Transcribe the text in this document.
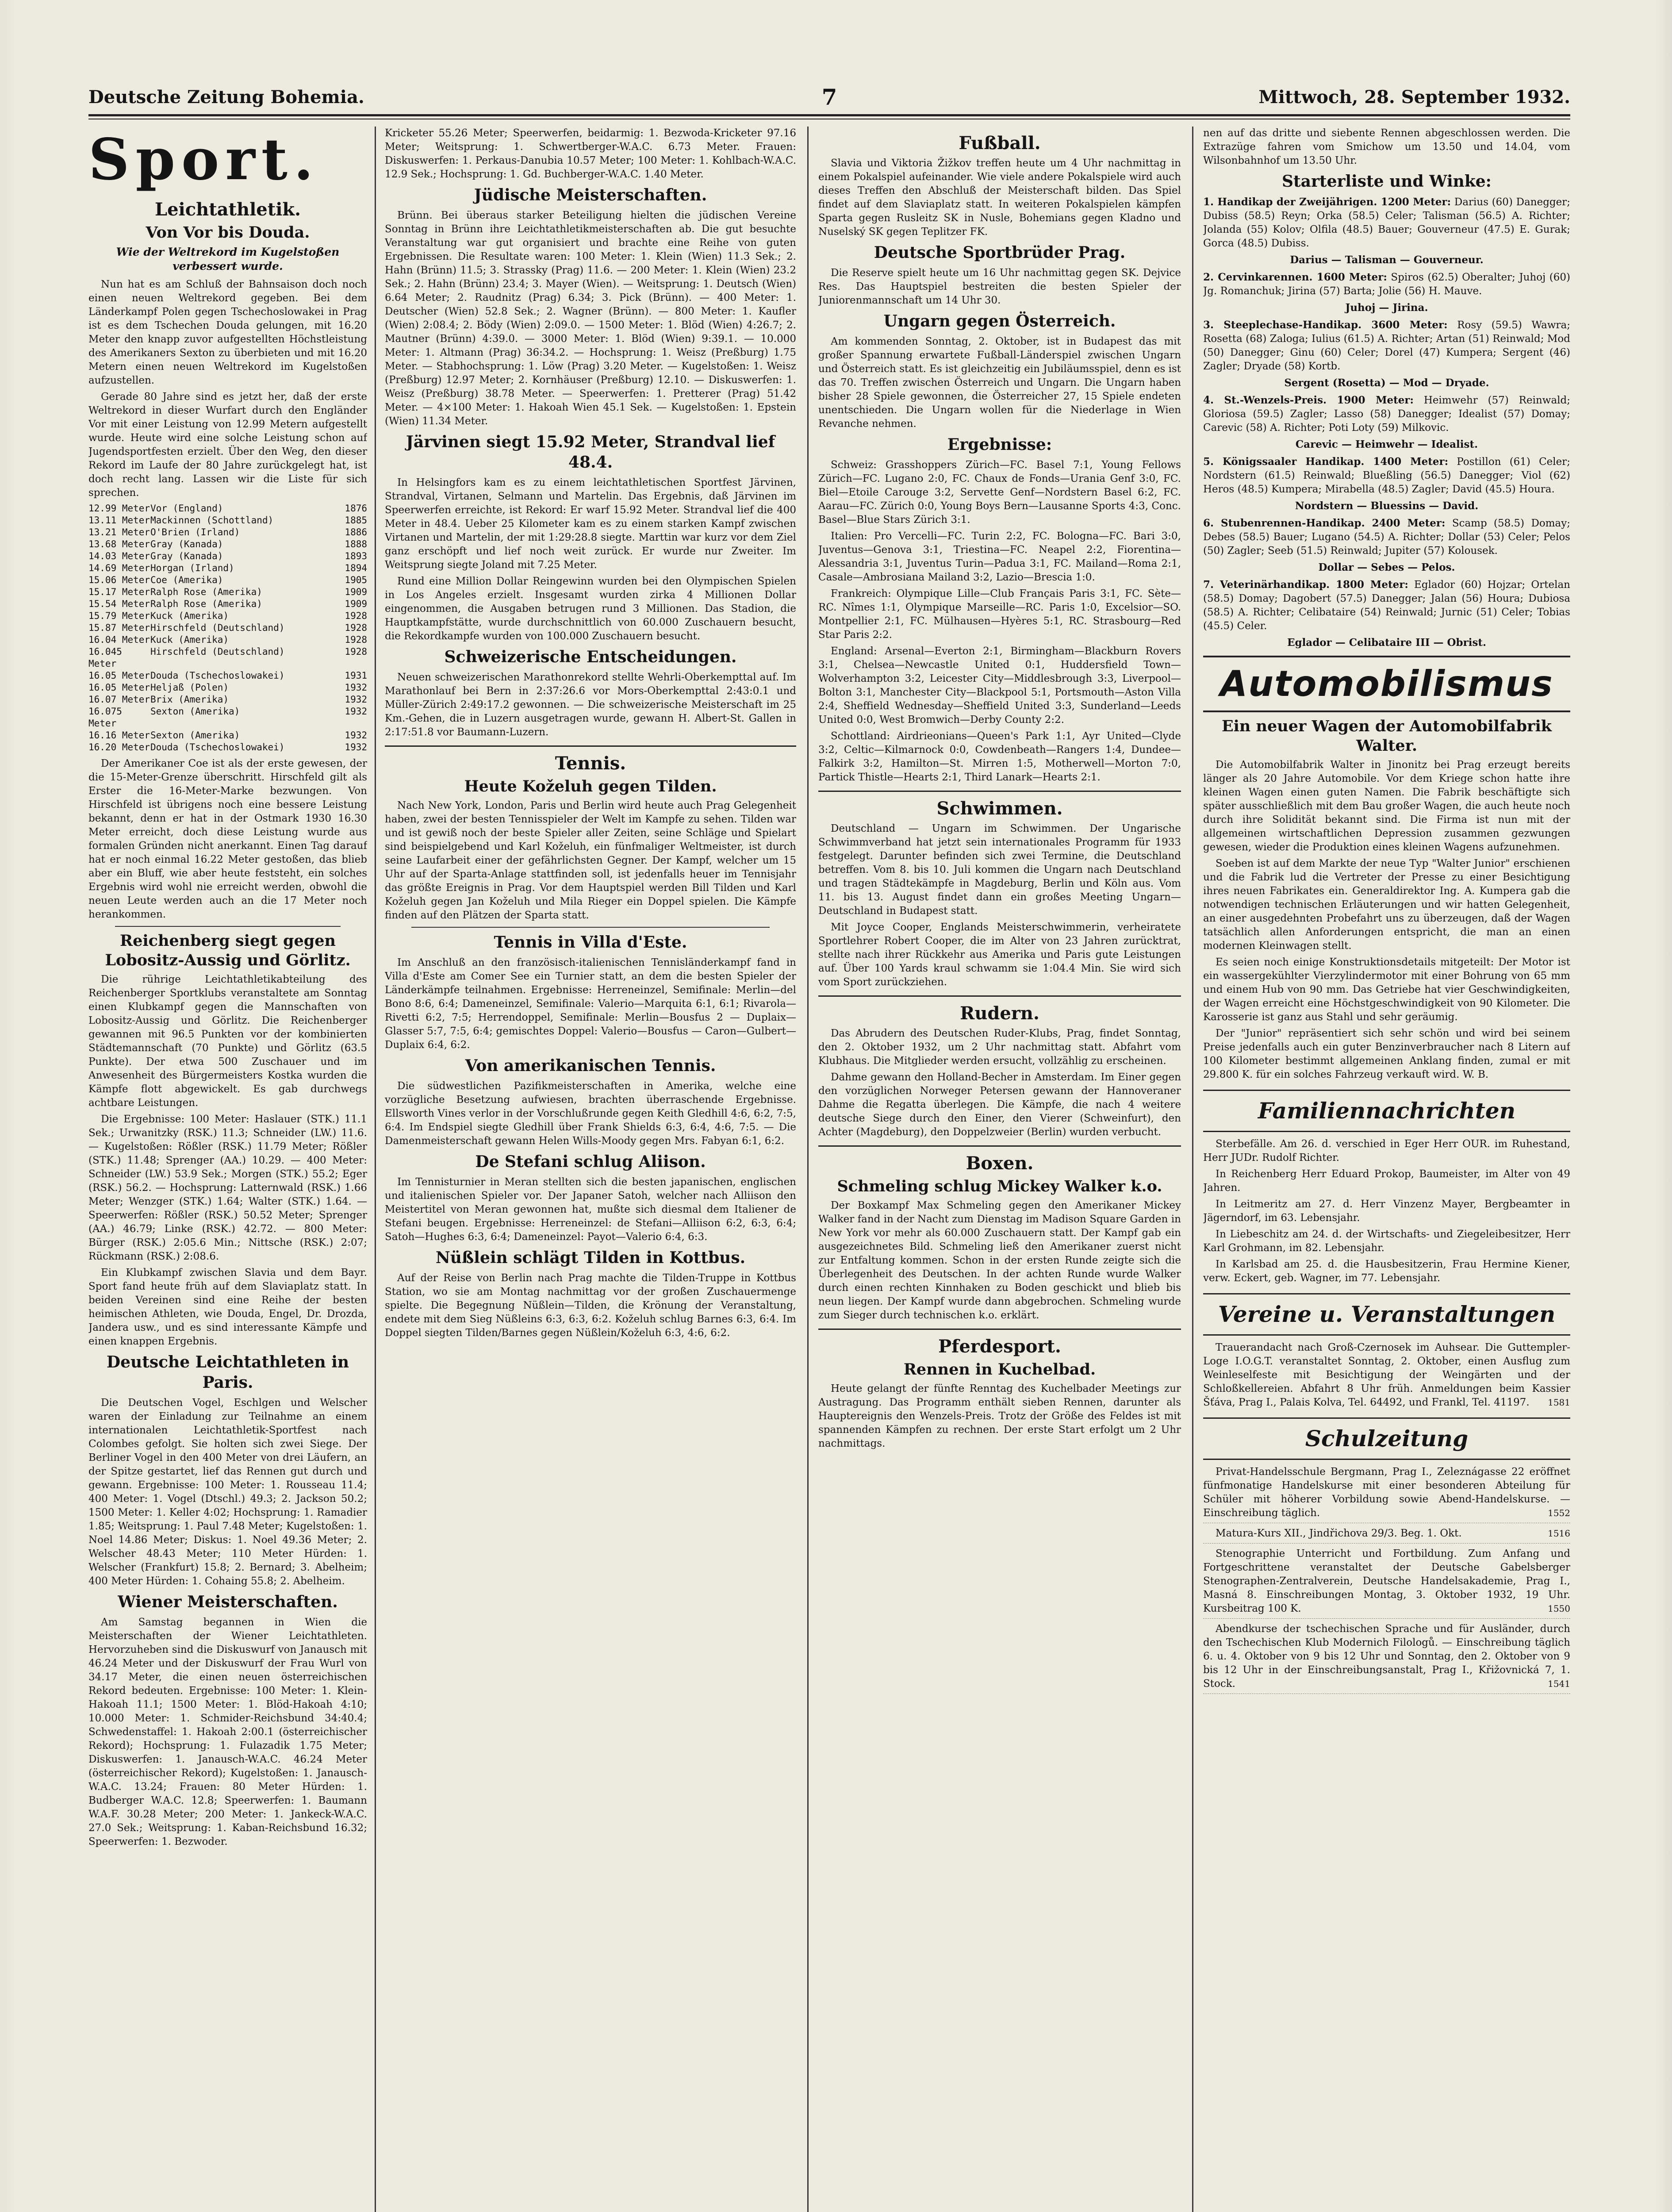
Deutsche Zeitung Bohemia.	7	Mittwoch, 28. September 1932.
Sport.
Leichtathletik.
Von Vor bis Douda.
Wie der Weltrekord im Kugelstoßen verbessert wurde.

Nun hat es am Schluß der Bahnsaison doch noch einen neuen Weltrekord gegeben. Bei dem Länderkampf Polen gegen Tschechoslowakei in Prag ist es dem Tschechen Douda gelungen, mit 16.20 Meter den knapp zuvor aufgestellten Höchstleistung des Amerikaners Sexton zu überbieten und mit 16.20 Metern einen neuen Weltrekord im Kugelstoßen aufzustellen.

Gerade 80 Jahre sind es jetzt her, daß der erste Weltrekord in dieser Wurfart durch den Engländer Vor mit einer Leistung von 12.99 Metern aufgestellt wurde. Heute wird eine solche Leistung schon auf Jugendsportfesten erzielt. Über den Weg, den dieser Rekord im Laufe der 80 Jahre zurückgelegt hat, ist doch recht lang. Lassen wir die Liste für sich sprechen.

12.99 Meter Vor (England)	1876
13.11 Meter Mackinnen (Schottland)	1885
13.21 Meter O'Brien (Irland)	1886
13.68 Meter Gray (Kanada)	1888
14.03 Meter Gray (Kanada)	1893
14.69 Meter Horgan (Irland)	1894
15.06 Meter Coe (Amerika)	1905
15.17 Meter Ralph Rose (Amerika)	1909
15.54 Meter Ralph Rose (Amerika)	1909
15.79 Meter Kuck (Amerika)	1928
15.87 Meter Hirschfeld (Deutschland)	1928
16.04 Meter Kuck (Amerika)	1928
16.045 Meter
Hirschfeld (Deutschland)	1928
16.05 Meter Douda (Tschechoslowakei)	1931
16.05 Meter Heljaß (Polen)	1932
16.07 Meter Brix (Amerika)	1932
16.075 Meter
Sexton (Amerika)	1932
16.16 Meter Sexton (Amerika)	1932
16.20 Meter Douda (Tschechoslowakei)	1932

Der Amerikaner Coe ist als der erste gewesen, der die 15-Meter-Grenze überschritt. Hirschfeld gilt als Erster die 16-Meter-Marke bezwungen. Von Hirschfeld ist übrigens noch eine bessere Leistung bekannt, denn er hat in der Ostmark 1930 16.30 Meter erreicht, doch diese Leistung wurde aus formalen Gründen nicht anerkannt. Einen Tag darauf hat er noch einmal 16.22 Meter gestoßen, das blieb aber ein Bluff, wie aber heute feststeht, ein solches Ergebnis wird wohl nie erreicht werden, obwohl die neuen Leute werden auch an die 17 Meter noch herankommen.

Reichenberg siegt gegen Lobositz-Aussig und Görlitz.

Die rührige Leichtathletikabteilung des Reichenberger Sportklubs veranstaltete am Sonntag einen Klubkampf gegen die Mannschaften von Lobositz-Aussig und Görlitz. Die Reichenberger gewannen mit 96.5 Punkten vor der kombinierten Städtemannschaft (70 Punkte) und Görlitz (63.5 Punkte). Der etwa 500 Zuschauer und im Anwesenheit des Bürgermeisters Kostka wurden die Kämpfe flott abgewickelt. Es gab durchwegs achtbare Leistungen.

Die Ergebnisse: 100 Meter: Haslauer (STK.) 11.1 Sek.; Urwanitzky (RSK.) 11.3; Schneider (LW.) 11.6. — Kugelstoßen: Rößler (RSK.) 11.79 Meter; Rößler (STK.) 11.48; Sprenger (AA.) 10.29. — 400 Meter: Schneider (LW.) 53.9 Sek.; Morgen (STK.) 55.2; Eger (RSK.) 56.2. — Hochsprung: Latternwald (RSK.) 1.66 Meter; Wenzger (STK.) 1.64; Walter (STK.) 1.64. — Speerwerfen: Rößler (RSK.) 50.52 Meter; Sprenger (AA.) 46.79; Linke (RSK.) 42.72. — 800 Meter: Bürger (RSK.) 2:05.6 Min.; Nittsche (RSK.) 2:07; Rückmann (RSK.) 2:08.6.

Ein Klubkampf zwischen Slavia und dem Bayr. Sport fand heute früh auf dem Slaviaplatz statt. In beiden Vereinen sind eine Reihe der besten heimischen Athleten, wie Douda, Engel, Dr. Drozda, Jandera usw., und es sind interessante Kämpfe und einen knappen Ergebnis.

Deutsche Leichtathleten in Paris.

Die Deutschen Vogel, Eschlgen und Welscher waren der Einladung zur Teilnahme an einem internationalen Leichtathletik-Sportfest nach Colombes gefolgt. Sie holten sich zwei Siege. Der Berliner Vogel in den 400 Meter von drei Läufern, an der Spitze gestartet, lief das Rennen gut durch und gewann. Ergebnisse: 100 Meter: 1. Rousseau 11.4; 400 Meter: 1. Vogel (Dtschl.) 49.3; 2. Jackson 50.2; 1500 Meter: 1. Keller 4:02; Hochsprung: 1. Ramadier 1.85; Weitsprung: 1. Paul 7.48 Meter; Kugelstoßen: 1. Noel 14.86 Meter; Diskus: 1. Noel 49.36 Meter; 2. Welscher 48.43 Meter; 110 Meter Hürden: 1. Welscher (Frankfurt) 15.8; 2. Bernard; 3. Abelheim; 400 Meter Hürden: 1. Cohaing 55.8; 2. Abelheim.

Wiener Meisterschaften.

Am Samstag begannen in Wien die Meisterschaften der Wiener Leichtathleten. Hervorzuheben sind die Diskuswurf von Janausch mit 46.24 Meter und der Diskuswurf der Frau Wurl von 34.17 Meter, die einen neuen österreichischen Rekord bedeuten. Ergebnisse: 100 Meter: 1. Klein-Hakoah 11.1; 1500 Meter: 1. Blöd-Hakoah 4:10; 10.000 Meter: 1. Schmider-Reichsbund 34:40.4; Schwedenstaffel: 1. Hakoah 2:00.1 (österreichischer Rekord); Hochsprung: 1. Fulazadik 1.75 Meter; Diskuswerfen: 1. Janausch-W.A.C. 46.24 Meter (österreichischer Rekord); Kugelstoßen: 1. Janausch-W.A.C. 13.24; Frauen: 80 Meter Hürden: 1. Budberger W.A.C. 12.8; Speerwerfen: 1. Baumann W.A.F. 30.28 Meter; 200 Meter: 1. Jankeck-W.A.C. 27.0 Sek.; Weitsprung: 1. Kaban-Reichsbund 16.32; Speerwerfen: 1. Bezwoder.

Kricketer 55.26 Meter; Speerwerfen, beidarmig: 1. Bezwoda-Kricketer 97.16 Meter; Weitsprung: 1. Schwertberger-W.A.C. 6.73 Meter. Frauen: Diskuswerfen: 1. Perkaus-Danubia 10.57 Meter; 100 Meter: 1. Kohlbach-W.A.C. 12.9 Sek.; Hochsprung: 1. Gd. Buchberger-W.A.C. 1.40 Meter.

Jüdische Meisterschaften.

Brünn. Bei überaus starker Beteiligung hielten die jüdischen Vereine Sonntag in Brünn ihre Leichtathletikmeisterschaften ab. Die gut besuchte Veranstaltung war gut organisiert und brachte eine Reihe von guten Ergebnissen. Die Resultate waren: 100 Meter: 1. Klein (Wien) 11.3 Sek.; 2. Hahn (Brünn) 11.5; 3. Strassky (Prag) 11.6. — 200 Meter: 1. Klein (Wien) 23.2 Sek.; 2. Hahn (Brünn) 23.4; 3. Mayer (Wien). — Weitsprung: 1. Deutsch (Wien) 6.64 Meter; 2. Raudnitz (Prag) 6.34; 3. Pick (Brünn). — 400 Meter: 1. Deutscher (Wien) 52.8 Sek.; 2. Wagner (Brünn). — 800 Meter: 1. Kaufler (Wien) 2:08.4; 2. Bödy (Wien) 2:09.0. — 1500 Meter: 1. Blöd (Wien) 4:26.7; 2. Mautner (Brünn) 4:39.0. — 3000 Meter: 1. Blöd (Wien) 9:39.1. — 10.000 Meter: 1. Altmann (Prag) 36:34.2. — Hochsprung: 1. Weisz (Preßburg) 1.75 Meter. — Stabhochsprung: 1. Löw (Prag) 3.20 Meter. — Kugelstoßen: 1. Weisz (Preßburg) 12.97 Meter; 2. Kornhäuser (Preßburg) 12.10. — Diskuswerfen: 1. Weisz (Preßburg) 38.78 Meter. — Speerwerfen: 1. Pretterer (Prag) 51.42 Meter. — 4×100 Meter: 1. Hakoah Wien 45.1 Sek. — Kugelstoßen: 1. Epstein (Wien) 11.34 Meter.

Järvinen siegt 15.92 Meter, Strandval lief 48.4.

In Helsingfors kam es zu einem leichtathletischen Sportfest Järvinen, Strandval, Virtanen, Selmann und Martelin. Das Ergebnis, daß Järvinen im Speerwerfen erreichte, ist Rekord: Er warf 15.92 Meter. Strandval lief die 400 Meter in 48.4. Ueber 25 Kilometer kam es zu einem starken Kampf zwischen Virtanen und Martelin, der mit 1:29:28.8 siegte. Marttin war kurz vor dem Ziel ganz erschöpft und lief noch weit zurück. Er wurde nur Zweiter. Im Weitsprung siegte Joland mit 7.25 Meter.

Rund eine Million Dollar Reingewinn wurden bei den Olympischen Spielen in Los Angeles erzielt. Insgesamt wurden zirka 4 Millionen Dollar eingenommen, die Ausgaben betrugen rund 3 Millionen. Das Stadion, die Hauptkampfstätte, wurde durchschnittlich von 60.000 Zuschauern besucht, die Rekordkampfe wurden von 100.000 Zuschauern besucht.

Schweizerische Entscheidungen.

Neuen schweizerischen Marathonrekord stellte Wehrli-Oberkempttal auf. Im Marathonlauf bei Bern in 2:37:26.6 vor Mors-Oberkempttal 2:43:0.1 und Müller-Zürich 2:49:17.2 gewonnen. — Die schweizerische Meisterschaft im 25 Km.-Gehen, die in Luzern ausgetragen wurde, gewann H. Albert-St. Gallen in 2:17:51.8 vor Baumann-Luzern.

Tennis.
Heute Koželuh gegen Tilden.

Nach New York, London, Paris und Berlin wird heute auch Prag Gelegenheit haben, zwei der besten Tennisspieler der Welt im Kampfe zu sehen. Tilden war und ist gewiß noch der beste Spieler aller Zeiten, seine Schläge und Spielart sind beispielgebend und Karl Koželuh, ein fünfmaliger Weltmeister, ist durch seine Laufarbeit einer der gefährlichsten Gegner. Der Kampf, welcher um 15 Uhr auf der Sparta-Anlage stattfinden soll, ist jedenfalls heuer im Tennisjahr das größte Ereignis in Prag. Vor dem Hauptspiel werden Bill Tilden und Karl Koželuh gegen Jan Koželuh und Mila Rieger ein Doppel spielen. Die Kämpfe finden auf den Plätzen der Sparta statt.

Tennis in Villa d'Este.

Im Anschluß an den französisch-italienischen Tennisländerkampf fand in Villa d'Este am Comer See ein Turnier statt, an dem die besten Spieler der Länderkämpfe teilnahmen. Ergebnisse: Herreneinzel, Semifinale: Merlin—del Bono 8:6, 6:4; Dameneinzel, Semifinale: Valerio—Marquita 6:1, 6:1; Rivarola—Rivetti 6:2, 7:5; Herrendoppel, Semifinale: Merlin—Bousfus 2 — Duplaix—Glasser 5:7, 7:5, 6:4; gemischtes Doppel: Valerio—Bousfus — Caron—Gulbert—Duplaix 6:4, 6:2.

Von amerikanischen Tennis.

Die südwestlichen Pazifikmeisterschaften in Amerika, welche eine vorzügliche Besetzung aufwiesen, brachten überraschende Ergebnisse. Ellsworth Vines verlor in der Vorschlußrunde gegen Keith Gledhill 4:6, 6:2, 7:5, 6:4. Im Endspiel siegte Gledhill über Frank Shields 6:3, 6:4, 4:6, 7:5. — Die Damenmeisterschaft gewann Helen Wills-Moody gegen Mrs. Fabyan 6:1, 6:2.

De Stefani schlug Aliison.

Im Tennisturnier in Meran stellten sich die besten japanischen, englischen und italienischen Spieler vor. Der Japaner Satoh, welcher nach Alliison den Meistertitel von Meran gewonnen hat, mußte sich diesmal dem Italiener de Stefani beugen. Ergebnisse: Herreneinzel: de Stefani—Alliison 6:2, 6:3, 6:4; Satoh—Hughes 6:3, 6:4; Dameneinzel: Payot—Valerio 6:4, 6:3.

Nüßlein schlägt Tilden in Kottbus.

Auf der Reise von Berlin nach Prag machte die Tilden-Truppe in Kottbus Station, wo sie am Montag nachmittag vor der großen Zuschauermenge spielte. Die Begegnung Nüßlein—Tilden, die Krönung der Veranstaltung, endete mit dem Sieg Nüßleins 6:3, 6:3, 6:2. Koželuh schlug Barnes 6:3, 6:4. Im Doppel siegten Tilden/Barnes gegen Nüßlein/Koželuh 6:3, 4:6, 6:2.

Fußball.

Slavia und Viktoria Žižkov treffen heute um 4 Uhr nachmittag in einem Pokalspiel aufeinander. Wie viele andere Pokalspiele wird auch dieses Treffen den Abschluß der Meisterschaft bilden. Das Spiel findet auf dem Slaviaplatz statt. In weiteren Pokalspielen kämpfen Sparta gegen Rusleitz SK in Nusle, Bohemians gegen Kladno und Nuselský SK gegen Teplitzer FK.

Deutsche Sportbrüder Prag.

Die Reserve spielt heute um 16 Uhr nachmittag gegen SK. Dejvice Res. Das Hauptspiel bestreiten die besten Spieler der Juniorenmannschaft um 14 Uhr 30.

Ungarn gegen Österreich.

Am kommenden Sonntag, 2. Oktober, ist in Budapest das mit großer Spannung erwartete Fußball-Länderspiel zwischen Ungarn und Österreich statt. Es ist gleichzeitig ein Jubiläumsspiel, denn es ist das 70. Treffen zwischen Österreich und Ungarn. Die Ungarn haben bisher 28 Spiele gewonnen, die Österreicher 27, 15 Spiele endeten unentschieden. Die Ungarn wollen für die Niederlage in Wien Revanche nehmen.

Ergebnisse:

Schweiz: Grasshoppers Zürich—FC. Basel 7:1, Young Fellows Zürich—FC. Lugano 2:0, FC. Chaux de Fonds—Urania Genf 3:0, FC. Biel—Etoile Carouge 3:2, Servette Genf—Nordstern Basel 6:2, FC. Aarau—FC. Zürich 0:0, Young Boys Bern—Lausanne Sports 4:3, Conc. Basel—Blue Stars Zürich 3:1.

Italien: Pro Vercelli—FC. Turin 2:2, FC. Bologna—FC. Bari 3:0, Juventus—Genova 3:1, Triestina—FC. Neapel 2:2, Fiorentina—Alessandria 3:1, Juventus Turin—Padua 3:1, FC. Mailand—Roma 2:1, Casale—Ambrosiana Mailand 3:2, Lazio—Brescia 1:0.

Frankreich: Olympique Lille—Club Français Paris 3:1, FC. Sète—RC. Nîmes 1:1, Olympique Marseille—RC. Paris 1:0, Excelsior—SO. Montpellier 2:1, FC. Mülhausen—Hyères 5:1, RC. Strasbourg—Red Star Paris 2:2.

England: Arsenal—Everton 2:1, Birmingham—Blackburn Rovers 3:1, Chelsea—Newcastle United 0:1, Huddersfield Town—Wolverhampton 3:2, Leicester City—Middlesbrough 3:3, Liverpool—Bolton 3:1, Manchester City—Blackpool 5:1, Portsmouth—Aston Villa 2:4, Sheffield Wednesday—Sheffield United 3:3, Sunderland—Leeds United 0:0, West Bromwich—Derby County 2:2.

Schottland: Airdrieonians—Queen's Park 1:1, Ayr United—Clyde 3:2, Celtic—Kilmarnock 0:0, Cowdenbeath—Rangers 1:4, Dundee—Falkirk 3:2, Hamilton—St. Mirren 1:5, Motherwell—Morton 7:0, Partick Thistle—Hearts 2:1, Third Lanark—Hearts 2:1.

Schwimmen.

Deutschland — Ungarn im Schwimmen. Der Ungarische Schwimmverband hat jetzt sein internationales Programm für 1933 festgelegt. Darunter befinden sich zwei Termine, die Deutschland betreffen. Vom 8. bis 10. Juli kommen die Ungarn nach Deutschland und tragen Städtekämpfe in Magdeburg, Berlin und Köln aus. Vom 11. bis 13. August findet dann ein großes Meeting Ungarn—Deutschland in Budapest statt.

Mit Joyce Cooper, Englands Meisterschwimmerin, verheiratete Sportlehrer Robert Cooper, die im Alter von 23 Jahren zurücktrat, stellte nach ihrer Rückkehr aus Amerika und Paris gute Leistungen auf. Über 100 Yards kraul schwamm sie 1:04.4 Min. Sie wird sich vom Sport zurückziehen.

Rudern.

Das Abrudern des Deutschen Ruder-Klubs, Prag, findet Sonntag, den 2. Oktober 1932, um 2 Uhr nachmittag statt. Abfahrt vom Klubhaus. Die Mitglieder werden ersucht, vollzählig zu erscheinen.

Dahme gewann den Holland-Becher in Amsterdam. Im Einer gegen den vorzüglichen Norweger Petersen gewann der Hannoveraner Dahme die Regatta überlegen. Die Kämpfe, die nach 4 weitere deutsche Siege durch den Einer, den Vierer (Schweinfurt), den Achter (Magdeburg), den Doppelzweier (Berlin) wurden verbucht.

Boxen.
Schmeling schlug Mickey Walker k.o.

Der Boxkampf Max Schmeling gegen den Amerikaner Mickey Walker fand in der Nacht zum Dienstag im Madison Square Garden in New York vor mehr als 60.000 Zuschauern statt. Der Kampf gab ein ausgezeichnetes Bild. Schmeling ließ den Amerikaner zuerst nicht zur Entfaltung kommen. Schon in der ersten Runde zeigte sich die Überlegenheit des Deutschen. In der achten Runde wurde Walker durch einen rechten Kinnhaken zu Boden geschickt und blieb bis neun liegen. Der Kampf wurde dann abgebrochen. Schmeling wurde zum Sieger durch technischen k.o. erklärt.

Pferdesport.
Rennen in Kuchelbad.

Heute gelangt der fünfte Renntag des Kuchelbader Meetings zur Austragung. Das Programm enthält sieben Rennen, darunter als Hauptereignis den Wenzels-Preis. Trotz der Größe des Feldes ist mit spannenden Kämpfen zu rechnen. Der erste Start erfolgt um 2 Uhr nachmittags.

nen auf das dritte und siebente Rennen abgeschlossen werden. Die Extrazüge fahren vom Smichow um 13.50 und 14.04, vom Wilsonbahnhof um 13.50 Uhr.

Starterliste und Winke:

1. Handikap der Zweijährigen. 1200 Meter: Darius (60) Danegger; Dubiss (58.5) Reyn; Orka (58.5) Celer; Talisman (56.5) A. Richter; Jolanda (55) Kolov; Olfila (48.5) Bauer; Gouverneur (47.5) E. Gurak; Gorca (48.5) Dubiss.

Darius — Talisman — Gouverneur.

2. Cervinkarennen. 1600 Meter: Spiros (62.5) Oberalter; Juhoj (60) Jg. Romanchuk; Jirina (57) Barta; Jolie (56) H. Mauve.

Juhoj — Jirina.

3. Steeplechase-Handikap. 3600 Meter: Rosy (59.5) Wawra; Rosetta (68) Zaloga; Iulius (61.5) A. Richter; Artan (51) Reinwald; Mod (50) Danegger; Ginu (60) Celer; Dorel (47) Kumpera; Sergent (46) Zagler; Dryade (58) Kortb.

Sergent (Rosetta) — Mod — Dryade.

4. St.-Wenzels-Preis. 1900 Meter: Heimwehr (57) Reinwald; Gloriosa (59.5) Zagler; Lasso (58) Danegger; Idealist (57) Domay; Carevic (58) A. Richter; Poti Loty (59) Milkovic.

Carevic — Heimwehr — Idealist.

5. Königssaaler Handikap. 1400 Meter: Postillon (61) Celer; Nordstern (61.5) Reinwald; Blueßling (56.5) Danegger; Viol (62) Heros (48.5) Kumpera; Mirabella (48.5) Zagler; David (45.5) Houra.

Nordstern — Bluessins — David.

6. Stubenrennen-Handikap. 2400 Meter: Scamp (58.5) Domay; Debes (58.5) Bauer; Lugano (54.5) A. Richter; Dollar (53) Celer; Pelos (50) Zagler; Seeb (51.5) Reinwald; Jupiter (57) Kolousek.

Dollar — Sebes — Pelos.

7. Veterinärhandikap. 1800 Meter: Eglador (60) Hojzar; Ortelan (58.5) Domay; Dagobert (57.5) Danegger; Jalan (56) Houra; Dubiosa (58.5) A. Richter; Celibataire (54) Reinwald; Jurnic (51) Celer; Tobias (45.5) Celer.

Eglador — Celibataire III — Obrist.
Automobilismus
Ein neuer Wagen der Automobilfabrik Walter.

Die Automobilfabrik Walter in Jinonitz bei Prag erzeugt bereits länger als 20 Jahre Automobile. Vor dem Kriege schon hatte ihre kleinen Wagen einen guten Namen. Die Fabrik beschäftigte sich später ausschließlich mit dem Bau großer Wagen, die auch heute noch durch ihre Solidität bekannt sind. Die Firma ist nun mit der allgemeinen wirtschaftlichen Depression zusammen gezwungen gewesen, wieder die Produktion eines kleinen Wagens aufzunehmen.

Soeben ist auf dem Markte der neue Typ "Walter Junior" erschienen und die Fabrik lud die Vertreter der Presse zu einer Besichtigung ihres neuen Fabrikates ein. Generaldirektor Ing. A. Kumpera gab die notwendigen technischen Erläuterungen und wir hatten Gelegenheit, an einer ausgedehnten Probefahrt uns zu überzeugen, daß der Wagen tatsächlich allen Anforderungen entspricht, die man an einen modernen Kleinwagen stellt.

Es seien noch einige Konstruktionsdetails mitgeteilt: Der Motor ist ein wassergekühlter Vierzylindermotor mit einer Bohrung von 65 mm und einem Hub von 90 mm. Das Getriebe hat vier Geschwindigkeiten, der Wagen erreicht eine Höchstgeschwindigkeit von 90 Kilometer. Die Karosserie ist ganz aus Stahl und sehr geräumig.

Der "Junior" repräsentiert sich sehr schön und wird bei seinem Preise jedenfalls auch ein guter Benzinverbraucher nach 8 Litern auf 100 Kilometer bestimmt allgemeinen Anklang finden, zumal er mit 29.800 K. für ein solches Fahrzeug verkauft wird. W. B.

Familiennachrichten

Sterbefälle. Am 26. d. verschied in Eger Herr OUR. im Ruhestand, Herr JUDr. Rudolf Richter.

In Reichenberg Herr Eduard Prokop, Baumeister, im Alter von 49 Jahren.

In Leitmeritz am 27. d. Herr Vinzenz Mayer, Bergbeamter in Jägerndorf, im 63. Lebensjahr.

In Liebeschitz am 24. d. der Wirtschafts- und Ziegeleibesitzer, Herr Karl Grohmann, im 82. Lebensjahr.

In Karlsbad am 25. d. die Hausbesitzerin, Frau Hermine Kiener, verw. Eckert, geb. Wagner, im 77. Lebensjahr.

Vereine u. Veranstaltungen

Trauerandacht nach Groß-Czernosek im Auhsear. Die Guttempler-Loge I.O.G.T. veranstaltet Sonntag, 2. Oktober, einen Ausflug zum Weinleselfeste mit Besichtigung der Weingärten und der Schloßkellereien. Abfahrt 8 Uhr früh. Anmeldungen beim Kassier Šťáva, Prag I., Palais Kolva, Tel. 64492, und Frankl, Tel. 41197.	1581

Schulzeitung

Privat-Handelsschule Bergmann, Prag I., Zeleznágasse 22 eröffnet fünfmonatige Handelskurse mit einer besonderen Abteilung für Schüler mit höherer Vorbildung sowie Abend-Handelskurse. — Einschreibung täglich.	1552

Matura-Kurs XII., Jindřichova 29/3. Beg. 1. Okt.	1516

Stenographie Unterricht und Fortbildung. Zum Anfang und Fortgeschrittene veranstaltet der Deutsche Gabelsberger Stenographen-Zentralverein, Deutsche Handelsakademie, Prag I., Masná 8. Einschreibungen Montag, 3. Oktober 1932, 19 Uhr. Kursbeitrag 100 K.	1550

Abendkurse der tschechischen Sprache und für Ausländer, durch den Tschechischen Klub Modernich Filologů. — Einschreibung täglich 6. u. 4. Oktober von 9 bis 12 Uhr und Sonntag, den 2. Oktober von 9 bis 12 Uhr in der Einschreibungsanstalt, Prag I., Křižovnická 7, 1. Stock.	1541
